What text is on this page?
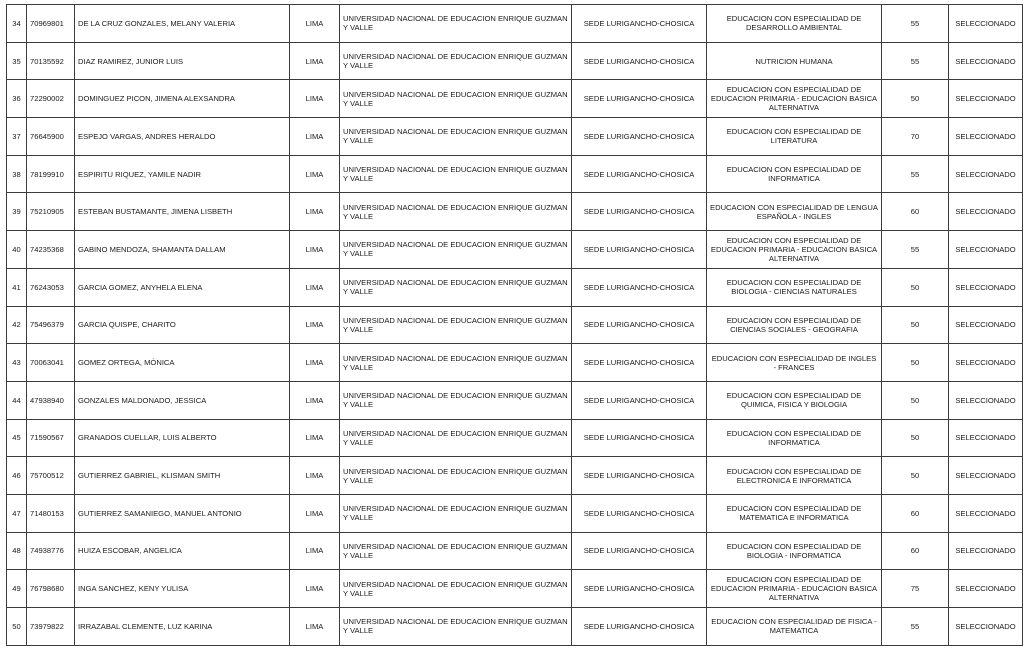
34	70969801	DE LA CRUZ GONZALES, MELANY VALERIA	LIMA	UNIVERSIDAD NACIONAL DE EDUCACION ENRIQUE GUZMAN Y VALLE	SEDE LURIGANCHO-CHOSICA	EDUCACION CON ESPECIALIDAD DE DESARROLLO AMBIENTAL	55	SELECCIONADO
35	70135592	DIAZ RAMIREZ, JUNIOR LUIS	LIMA	UNIVERSIDAD NACIONAL DE EDUCACION ENRIQUE GUZMAN Y VALLE	SEDE LURIGANCHO-CHOSICA	NUTRICION HUMANA	55	SELECCIONADO
36	72290002	DOMINGUEZ PICON, JIMENA ALEXSANDRA	LIMA	UNIVERSIDAD NACIONAL DE EDUCACION ENRIQUE GUZMAN Y VALLE	SEDE LURIGANCHO-CHOSICA	EDUCACION CON ESPECIALIDAD DE EDUCACION PRIMARIA - EDUCACION BASICA ALTERNATIVA	50	SELECCIONADO
37	76645900	ESPEJO VARGAS, ANDRES HERALDO	LIMA	UNIVERSIDAD NACIONAL DE EDUCACION ENRIQUE GUZMAN Y VALLE	SEDE LURIGANCHO-CHOSICA	EDUCACION CON ESPECIALIDAD DE LITERATURA	70	SELECCIONADO
38	78199910	ESPIRITU RIQUEZ, YAMILE NADIR	LIMA	UNIVERSIDAD NACIONAL DE EDUCACION ENRIQUE GUZMAN Y VALLE	SEDE LURIGANCHO-CHOSICA	EDUCACION CON ESPECIALIDAD DE INFORMATICA	55	SELECCIONADO
39	75210905	ESTEBAN BUSTAMANTE, JIMENA LISBETH	LIMA	UNIVERSIDAD NACIONAL DE EDUCACION ENRIQUE GUZMAN Y VALLE	SEDE LURIGANCHO-CHOSICA	EDUCACION CON ESPECIALIDAD DE LENGUA ESPAÑOLA - INGLES	60	SELECCIONADO
40	74235368	GABINO MENDOZA, SHAMANTA DALLAM	LIMA	UNIVERSIDAD NACIONAL DE EDUCACION ENRIQUE GUZMAN Y VALLE	SEDE LURIGANCHO-CHOSICA	EDUCACION CON ESPECIALIDAD DE EDUCACION PRIMARIA - EDUCACION BASICA ALTERNATIVA	55	SELECCIONADO
41	76243053	GARCIA GOMEZ, ANYHELA ELENA	LIMA	UNIVERSIDAD NACIONAL DE EDUCACION ENRIQUE GUZMAN Y VALLE	SEDE LURIGANCHO-CHOSICA	EDUCACION CON ESPECIALIDAD DE BIOLOGIA - CIENCIAS NATURALES	50	SELECCIONADO
42	75496379	GARCIA QUISPE, CHARITO	LIMA	UNIVERSIDAD NACIONAL DE EDUCACION ENRIQUE GUZMAN Y VALLE	SEDE LURIGANCHO-CHOSICA	EDUCACION CON ESPECIALIDAD DE CIENCIAS SOCIALES - GEOGRAFIA	50	SELECCIONADO
43	70063041	GOMEZ ORTEGA, MÓNICA	LIMA	UNIVERSIDAD NACIONAL DE EDUCACION ENRIQUE GUZMAN Y VALLE	SEDE LURIGANCHO-CHOSICA	EDUCACION CON ESPECIALIDAD DE INGLES - FRANCES	50	SELECCIONADO
44	47938940	GONZALES MALDONADO, JESSICA	LIMA	UNIVERSIDAD NACIONAL DE EDUCACION ENRIQUE GUZMAN Y VALLE	SEDE LURIGANCHO-CHOSICA	EDUCACION CON ESPECIALIDAD DE QUIMICA, FISICA Y BIOLOGIA	50	SELECCIONADO
45	71590567	GRANADOS CUELLAR, LUIS ALBERTO	LIMA	UNIVERSIDAD NACIONAL DE EDUCACION ENRIQUE GUZMAN Y VALLE	SEDE LURIGANCHO-CHOSICA	EDUCACION CON ESPECIALIDAD DE INFORMATICA	50	SELECCIONADO
46	75700512	GUTIERREZ GABRIEL, KLISMAN SMITH	LIMA	UNIVERSIDAD NACIONAL DE EDUCACION ENRIQUE GUZMAN Y VALLE	SEDE LURIGANCHO-CHOSICA	EDUCACION CON ESPECIALIDAD DE ELECTRONICA E INFORMATICA	50	SELECCIONADO
47	71480153	GUTIERREZ SAMANIEGO, MANUEL ANTONIO	LIMA	UNIVERSIDAD NACIONAL DE EDUCACION ENRIQUE GUZMAN Y VALLE	SEDE LURIGANCHO-CHOSICA	EDUCACION CON ESPECIALIDAD DE MATEMATICA E INFORMATICA	60	SELECCIONADO
48	74938776	HUIZA ESCOBAR, ANGELICA	LIMA	UNIVERSIDAD NACIONAL DE EDUCACION ENRIQUE GUZMAN Y VALLE	SEDE LURIGANCHO-CHOSICA	EDUCACION CON ESPECIALIDAD DE BIOLOGIA - INFORMATICA	60	SELECCIONADO
49	76798680	INGA SANCHEZ, KENY YULISA	LIMA	UNIVERSIDAD NACIONAL DE EDUCACION ENRIQUE GUZMAN Y VALLE	SEDE LURIGANCHO-CHOSICA	EDUCACION CON ESPECIALIDAD DE EDUCACION PRIMARIA - EDUCACION BASICA ALTERNATIVA	75	SELECCIONADO
50	73979822	IRRAZABAL CLEMENTE, LUZ KARINA	LIMA	UNIVERSIDAD NACIONAL DE EDUCACION ENRIQUE GUZMAN Y VALLE	SEDE LURIGANCHO-CHOSICA	EDUCACION CON ESPECIALIDAD DE FISICA - MATEMATICA	55	SELECCIONADO
